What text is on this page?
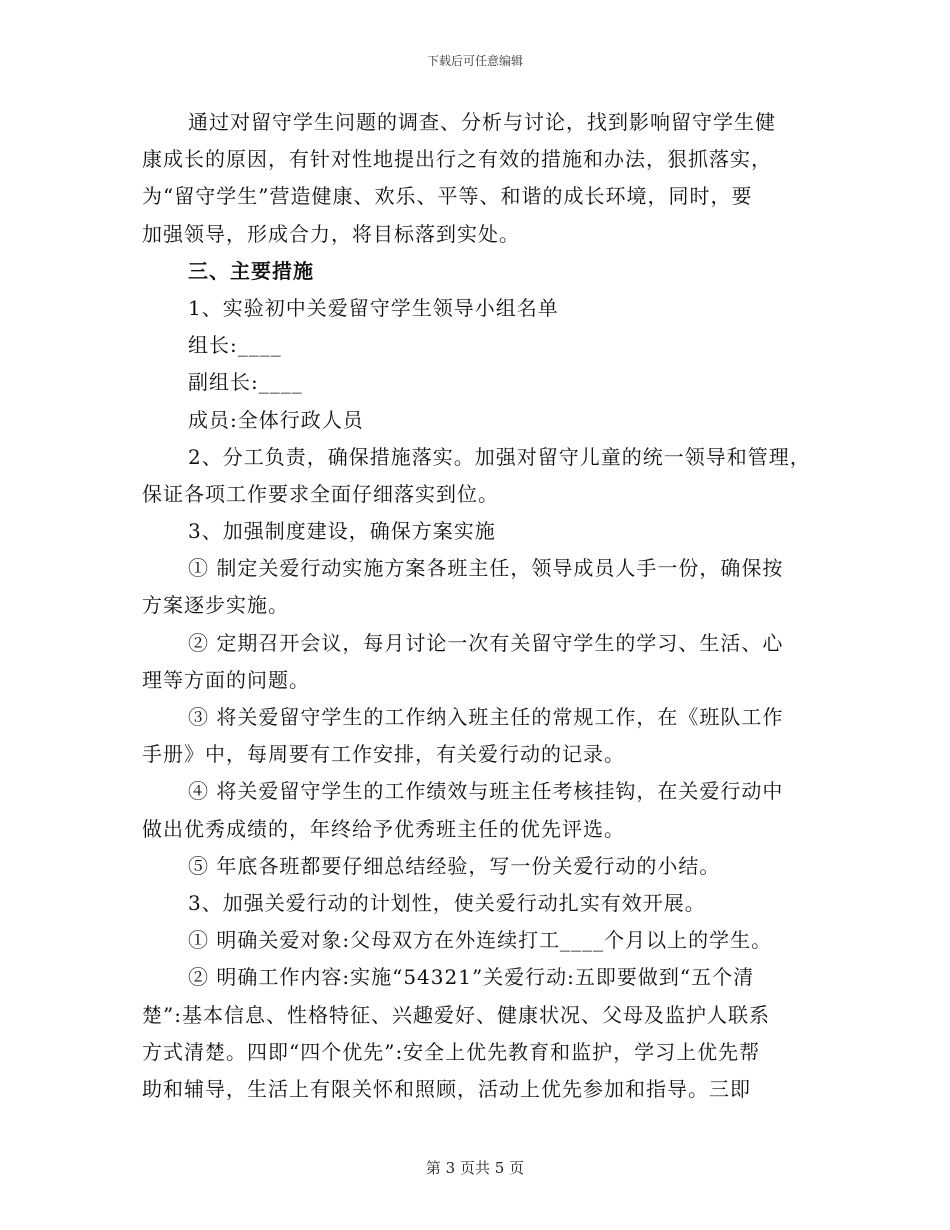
下载后可任意编辑
通过对留守学生问题的调查、分析与讨论，找到影响留守学生健
康成长的原因，有针对性地提出行之有效的措施和办法，狠抓落实，
为“留守学生”营造健康、欢乐、平等、和谐的成长环境，同时，要
加强领导，形成合力，将目标落到实处。
三、主要措施
1、实验初中关爱留守学生领导小组名单
组长:____
副组长:____
成员:全体行政人员
2、分工负责，确保措施落实。加强对留守儿童的统一领导和管理，
保证各项工作要求全面仔细落实到位。
3、加强制度建设，确保方案实施
① 制定关爱行动实施方案各班主任，领导成员人手一份，确保按
方案逐步实施。
② 定期召开会议，每月讨论一次有关留守学生的学习、生活、心
理等方面的问题。
③ 将关爱留守学生的工作纳入班主任的常规工作，在《班队工作
手册》中，每周要有工作安排，有关爱行动的记录。
④ 将关爱留守学生的工作绩效与班主任考核挂钩，在关爱行动中
做出优秀成绩的，年终给予优秀班主任的优先评选。
⑤ 年底各班都要仔细总结经验，写一份关爱行动的小结。
3、加强关爱行动的计划性，使关爱行动扎实有效开展。
① 明确关爱对象:父母双方在外连续打工____个月以上的学生。
② 明确工作内容:实施“54321”关爱行动:五即要做到“五个清
楚”:基本信息、性格特征、兴趣爱好、健康状况、父母及监护人联系
方式清楚。四即“四个优先”:安全上优先教育和监护，学习上优先帮
助和辅导，生活上有限关怀和照顾，活动上优先参加和指导。三即
第 3 页共 5 页
